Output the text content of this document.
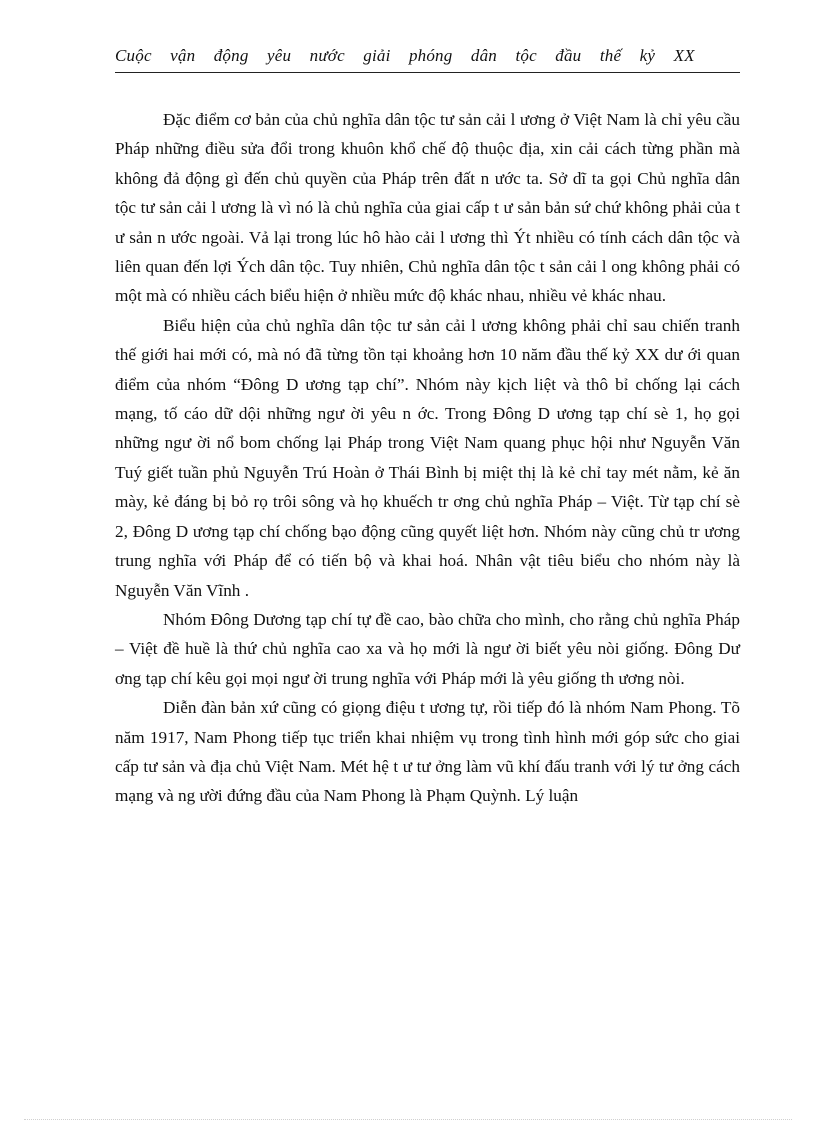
Cuộc vận động yêu nước giải phóng dân tộc đầu thế kỷ XX

Đặc điểm cơ bản của chủ nghĩa dân tộc tư sản cải l ương ở Việt Nam là chỉ yêu cầu Pháp những điều sửa đổi trong khuôn khổ chế độ thuộc địa, xin cải cách từng phần mà không đả động gì đến chủ quyền của Pháp trên đất n ước ta. Sở dĩ ta gọi Chủ nghĩa dân tộc tư sản cải l ương là vì nó là chủ nghĩa của giai cấp t ư sản bản sứ chứ không phải của t ư sản n ước ngoài. Vả lại trong lúc hô hào cải l ương thì Ýt nhiều có tính cách dân tộc và liên quan đến lợi Ých dân tộc. Tuy nhiên, Chủ nghĩa dân tộc t sản cải l ong không phải có một mà có nhiều cách biểu hiện ở nhiều mức độ khác nhau, nhiều vẻ khác nhau.

Biểu hiện của chủ nghĩa dân tộc tư sản cải l ương không phải chỉ sau chiến tranh thế giới hai mới có, mà nó đã từng tồn tại khoảng hơn 10 năm đầu thế kỷ XX dư ới quan điểm của nhóm “Đông D ương tạp chí”. Nhóm này kịch liệt và thô bỉ chống lại cách mạng, tố cáo dữ dội những ngư ời yêu n ớc. Trong Đông D ương tạp chí sè 1, họ gọi những ngư ời nổ bom chống lại Pháp trong Việt Nam quang phục hội như Nguyễn Văn Tuý giết tuần phủ Nguyễn Trú Hoàn ở Thái Bình bị miệt thị là kẻ chỉ tay mét nằm, kẻ ăn mày, kẻ đáng bị bỏ rọ trôi sông và họ khuếch tr ơng chủ nghĩa Pháp – Việt. Từ tạp chí sè 2, Đông D ương tạp chí chống bạo động cũng quyết liệt hơn. Nhóm này cũng chủ tr ương trung nghĩa với Pháp để có tiến bộ và khai hoá. Nhân vật tiêu biểu cho nhóm này là Nguyễn Văn Vĩnh .

Nhóm Đông Dương tạp chí tự đề cao, bào chữa cho mình, cho rằng chủ nghĩa Pháp – Việt đề huề là thứ chủ nghĩa cao xa và họ mới là ngư ời biết yêu nòi giống. Đông Dư ơng tạp chí kêu gọi mọi ngư ời trung nghĩa với Pháp mới là yêu giống th ương nòi.

Diễn đàn bản xứ cũng có giọng điệu t ương tự, rồi tiếp đó là nhóm Nam Phong. Tõ năm 1917, Nam Phong tiếp tục triển khai nhiệm vụ trong tình hình mới góp sức cho giai cấp tư sản và địa chủ Việt Nam. Mét hệ t ư tư ởng làm vũ khí đấu tranh với lý tư ởng cách mạng và ng ười đứng đầu của Nam Phong là Phạm Quỳnh. Lý luận
